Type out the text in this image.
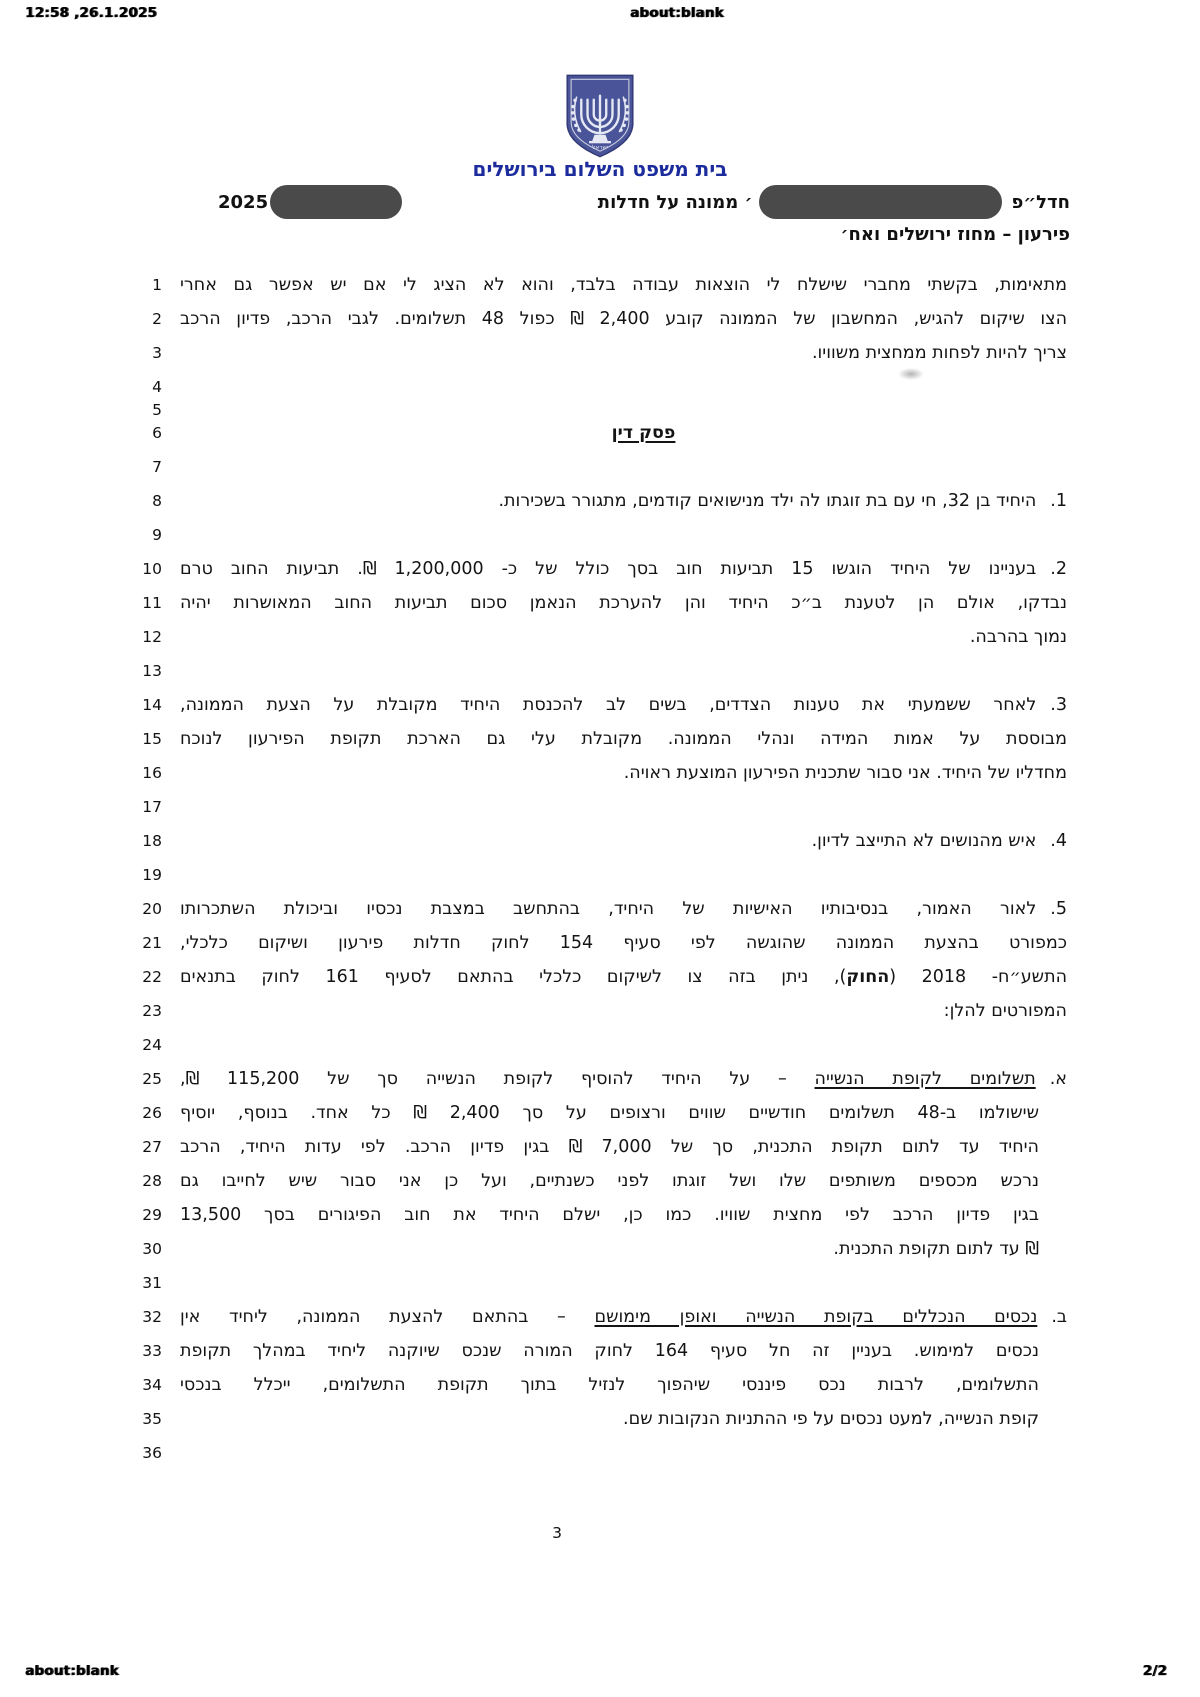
12:58 ,26.1.2025	about:blank
ישראל
בית משפט השלום בירושלים
חדל״פ
׳ ממונה על חדלות
2025
פירעון – מחוז ירושלים ואח׳
1 מתאימות, בקשתי מחברי שישלח לי הוצאות עבודה בלבד, והוא לא הציג לי אם יש אפשר גם אחרי
2 הצו שיקום להגיש, המחשבון של הממונה קובע 2,400 ₪ כפול 48 תשלומים. לגבי הרכב, פדיון הרכב
3	צריך להיות לפחות ממחצית משוויו.
4
5
6	פסק דין
7
8	1.היחיד בן 32, חי עם בת זוגתו לה ילד מנישואים קודמים, מתגורר בשכירות.
9
10	2.בעניינו של היחיד הוגשו 15 תביעות חוב בסך כולל של כ- 1,200,000 ₪. תביעות החוב טרם
11 נבדקו, אולם הן לטענת ב״כ היחיד והן להערכת הנאמן סכום תביעות החוב המאושרות יהיה
12	נמוך בהרבה.
13
14	3.לאחר ששמעתי את טענות הצדדים, בשים לב להכנסת היחיד מקובלת על הצעת הממונה,
15 מבוססת על אמות המידה ונהלי הממונה. מקובלת עלי גם הארכת תקופת הפירעון לנוכח
16	מחדליו של היחיד. אני סבור שתכנית הפירעון המוצעת ראויה.
17
18	4.איש מהנושים לא התייצב לדיון.
19
20	5.לאור האמור, בנסיבותיו האישיות של היחיד, בהתחשב במצבת נכסיו וביכולת השתכרותו
21 כמפורט בהצעת הממונה שהוגשה לפי סעיף 154 לחוק חדלות פירעון ושיקום כלכלי,
22	התשע״ח- 2018 (החוק), ניתן בזה צו לשיקום כלכלי בהתאם לסעיף 161 לחוק בתנאים
23	המפורטים להלן:
24
25	א.תשלומים לקופת הנשייה – על היחיד להוסיף לקופת הנשייה סך של 115,200 ₪,
26 שישולמו ב-48 תשלומים חודשיים שווים ורצופים על סך 2,400 ₪ כל אחד. בנוסף, יוסיף
27 היחיד עד לתום תקופת התכנית, סך של 7,000 ₪ בגין פדיון הרכב. לפי עדות היחיד, הרכב
28 נרכש מכספים משותפים שלו ושל זוגתו לפני כשנתיים, ועל כן אני סבור שיש לחייבו גם
29 בגין פדיון הרכב לפי מחצית שוויו. כמו כן, ישלם היחיד את חוב הפיגורים בסך 13,500
30	₪ עד לתום תקופת התכנית.
31
32	ב.נכסים הנכללים בקופת הנשייה ואופן מימושם – בהתאם להצעת הממונה, ליחיד אין
33 נכסים למימוש. בעניין זה חל סעיף 164 לחוק המורה שנכס שיוקנה ליחיד במהלך תקופת
34 התשלומים, לרבות נכס פיננסי שיהפוך לנזיל בתוך תקופת התשלומים, ייכלל בנכסי
35	קופת הנשייה, למעט נכסים על פי ההתניות הנקובות שם.
36
3
about:blank	2/2
